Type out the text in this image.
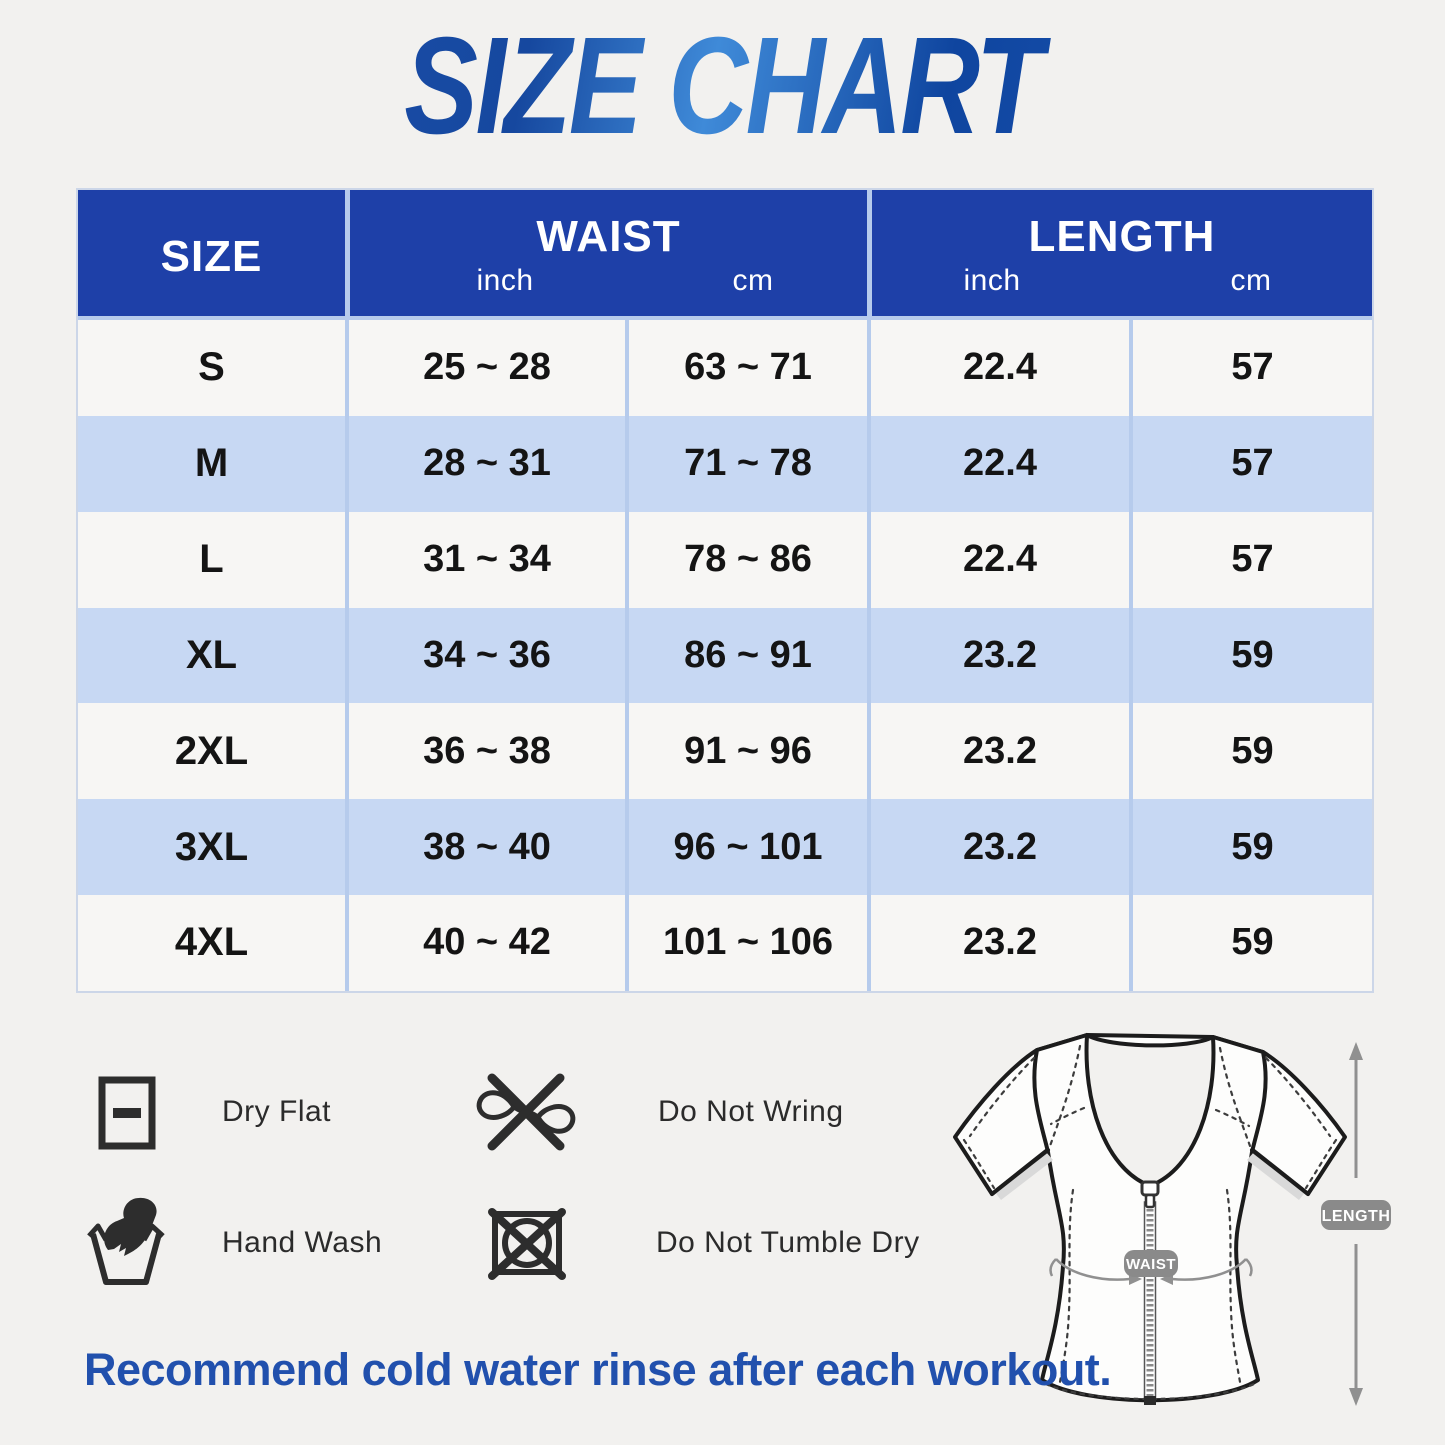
SIZE CHART
SIZE	WAIST
inch	cm
LENGTH
inch	cm
S	25 ~ 28	63 ~ 71	22.4	57
M	28 ~ 31	71 ~ 78	22.4	57
L	31 ~ 34	78 ~ 86	22.4	57
XL	34 ~ 36	86 ~ 91	23.2	59
2XL	36 ~ 38	91 ~ 96	23.2	59
3XL	38 ~ 40	96 ~ 101	23.2	59
4XL	40 ~ 42	101 ~ 106	23.2	59
Dry Flat	Do Not Wring
Hand Wash	Do Not Tumble Dry
LENGTH
WAIST
Recommend cold water rinse after each workout.
